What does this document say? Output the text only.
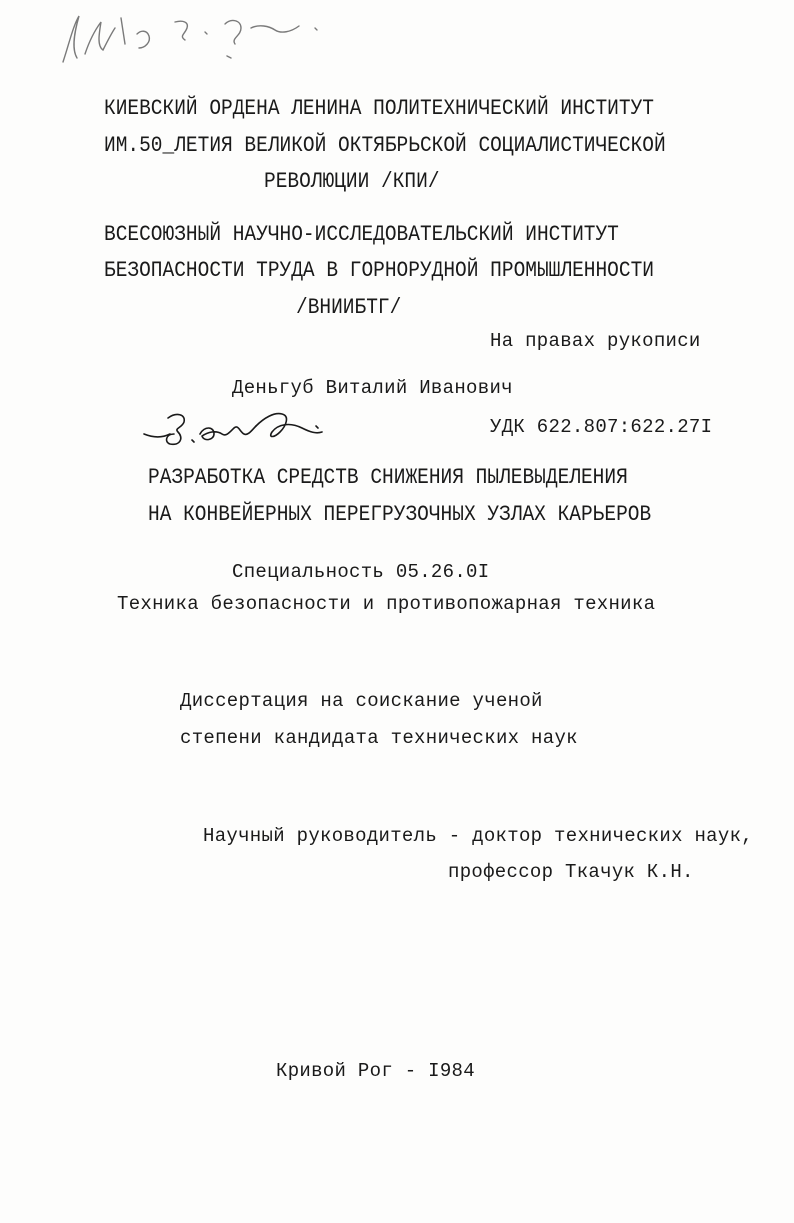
КИЕВСКИЙ ОРДЕНА ЛЕНИНА ПОЛИТЕХНИЧЕСКИЙ ИНСТИТУТ
ИМ.50_ЛЕТИЯ ВЕЛИКОЙ ОКТЯБРЬСКОЙ СОЦИАЛИСТИЧЕСКОЙ
РЕВОЛЮЦИИ /КПИ/
ВСЕСОЮЗНЫЙ НАУЧНО-ИССЛЕДОВАТЕЛЬСКИЙ ИНСТИТУТ
БЕЗОПАСНОСТИ ТРУДА В ГОРНОРУДНОЙ ПРОМЫШЛЕННОСТИ
/ВНИИБТГ/
На правах рукописи
Деньгуб Виталий Иванович
УДК 622.807:622.27I
РАЗРАБОТКА СРЕДСТВ СНИЖЕНИЯ ПЫЛЕВЫДЕЛЕНИЯ
НА КОНВЕЙЕРНЫХ ПЕРЕГРУЗОЧНЫХ УЗЛАХ КАРЬЕРОВ
Специальность 05.26.0I
Техника безопасности и противопожарная техника
Диссертация на соискание ученой
степени кандидата технических наук
Научный руководитель - доктор технических наук,
профессор Ткачук К.Н.
Кривой Рог - I984
